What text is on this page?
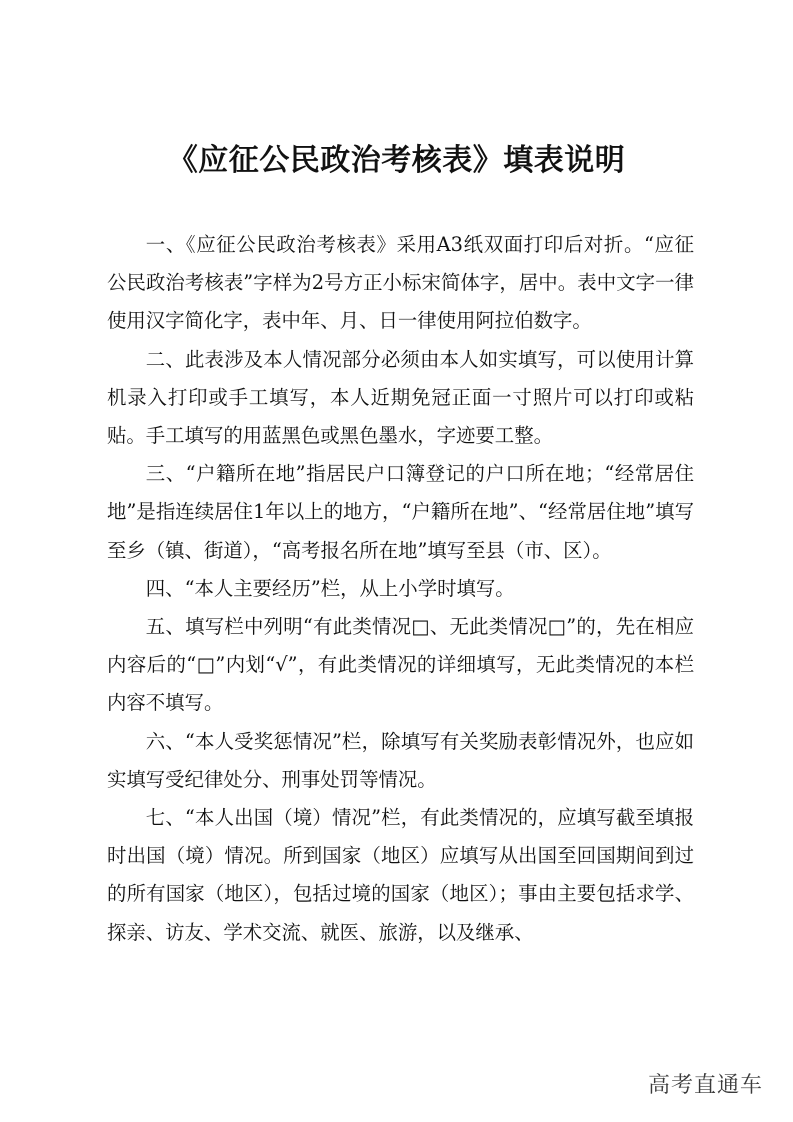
《应征公民政治考核表》填表说明

一、《应征公民政治考核表》采用A3纸双面打印后对折。“应征公民政治考核表”字样为2号方正小标宋简体字，居中。表中文字一律使用汉字简化字，表中年、月、日一律使用阿拉伯数字。

二、此表涉及本人情况部分必须由本人如实填写，可以使用计算机录入打印或手工填写，本人近期免冠正面一寸照片可以打印或粘贴。手工填写的用蓝黑色或黑色墨水，字迹要工整。

三、“户籍所在地”指居民户口簿登记的户口所在地；“经常居住地”是指连续居住1年以上的地方，“户籍所在地”、“经常居住地”填写至乡（镇、街道），“高考报名所在地”填写至县（市、区）。

四、“本人主要经历”栏，从上小学时填写。

五、填写栏中列明“有此类情况□、无此类情况□”的，先在相应内容后的“□”内划“√”，有此类情况的详细填写，无此类情况的本栏内容不填写。

六、“本人受奖惩情况”栏，除填写有关奖励表彰情况外，也应如实填写受纪律处分、刑事处罚等情况。

七、“本人出国（境）情况”栏，有此类情况的，应填写截至填报时出国（境）情况。所到国家（地区）应填写从出国至回国期间到过的所有国家（地区），包括过境的国家（地区）；事由主要包括求学、探亲、访友、学术交流、就医、旅游，以及继承、

高考直通车
